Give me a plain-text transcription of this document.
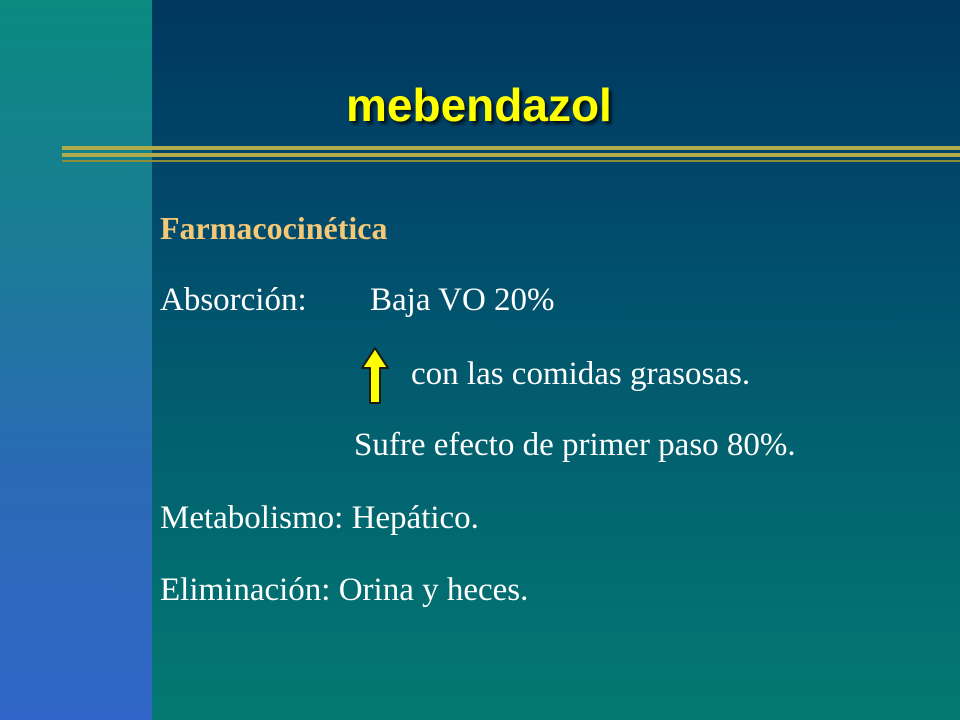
mebendazol
Farmacocinética
Absorción: Baja VO 20%
con las comidas grasosas.
Sufre efecto de primer paso 80%.
Metabolismo: Hepático.
Eliminación: Orina y heces.
